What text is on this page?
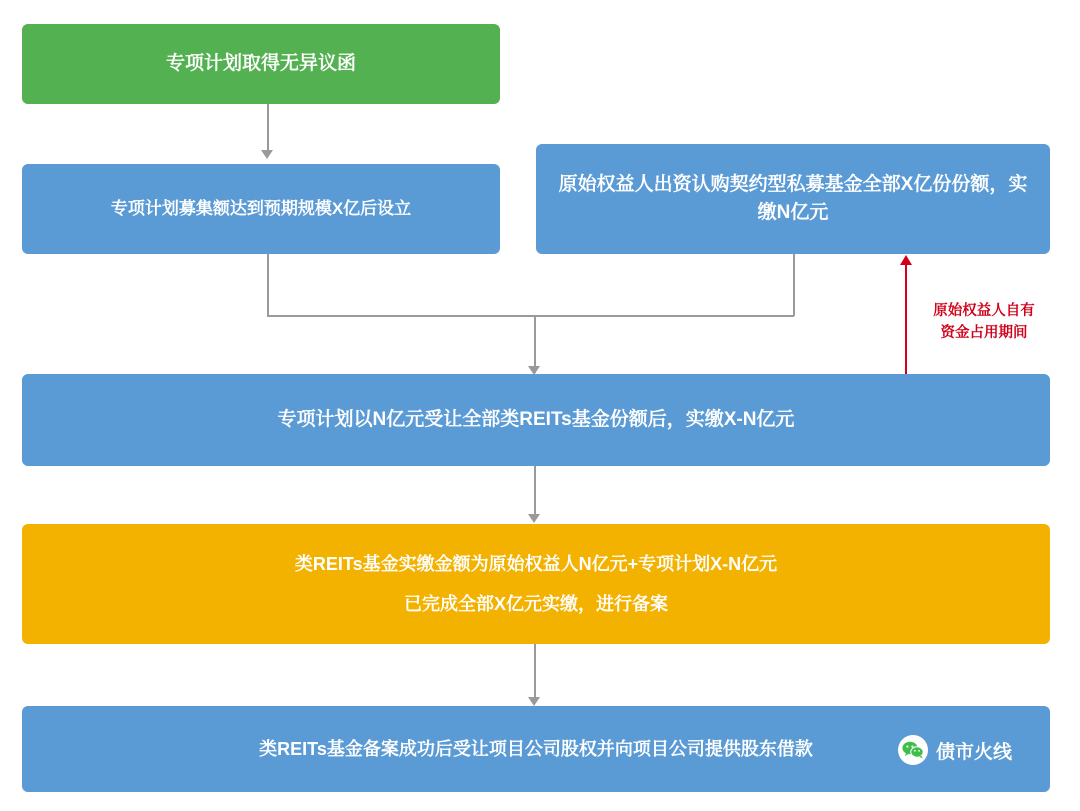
原始权益人自有
资金占用期间
专项计划取得无异议函
专项计划募集额达到预期规模X亿后设立
原始权益人出资认购契约型私募基金全部X亿份份额，实缴N亿元
专项计划以N亿元受让全部类REITs基金份额后，实缴X-N亿元
类REITs基金实缴金额为原始权益人N亿元+专项计划X-N亿元
已完成全部X亿元实缴，进行备案
类REITs基金备案成功后受让项目公司股权并向项目公司提供股东借款	债市火线
